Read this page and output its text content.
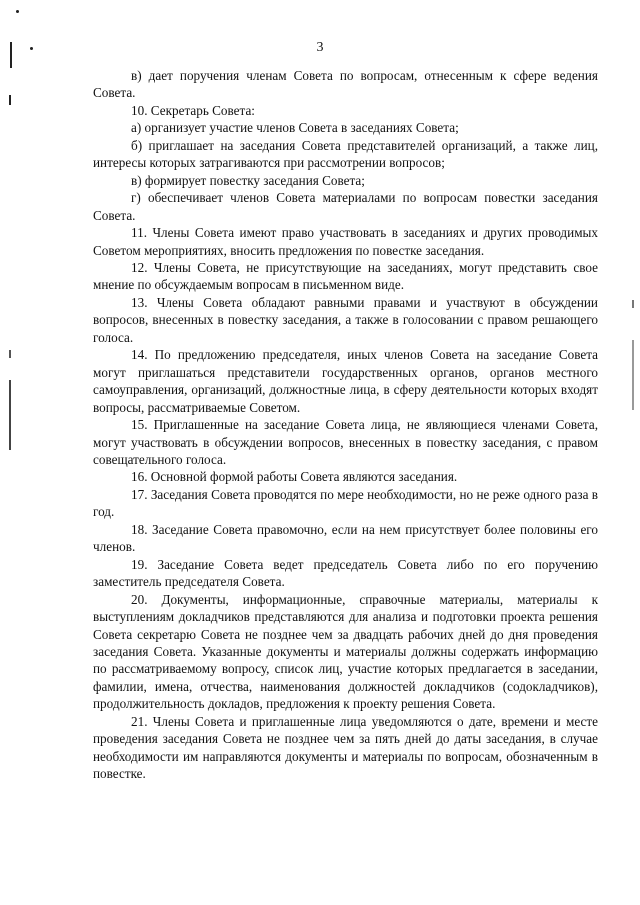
3

в) дает поручения членам Совета по вопросам, отнесенным к сфере ведения Совета.

10. Секретарь Совета:

а) организует участие членов Совета в заседаниях Совета;

б) приглашает на заседания Совета представителей организаций, а также лиц, интересы которых затрагиваются при рассмотрении вопросов;

в) формирует повестку заседания Совета;

г) обеспечивает членов Совета материалами по вопросам повестки заседания Совета.

11. Члены Совета имеют право участвовать в заседаниях и других проводимых Советом мероприятиях, вносить предложения по повестке заседания.

12. Члены Совета, не присутствующие на заседаниях, могут представить свое мнение по обсуждаемым вопросам в письменном виде.

13. Члены Совета обладают равными правами и участвуют в обсуждении вопросов, внесенных в повестку заседания, а также в голосовании с правом решающего голоса.

14. По предложению председателя, иных членов Совета на заседание Совета могут приглашаться представители государственных органов, органов местного самоуправления, организаций, должностные лица, в сферу деятельности которых входят вопросы, рассматриваемые Советом.

15. Приглашенные на заседание Совета лица, не являющиеся членами Совета, могут участвовать в обсуждении вопросов, внесенных в повестку заседания, с правом совещательного голоса.

16. Основной формой работы Совета являются заседания.

17. Заседания Совета проводятся по мере необходимости, но не реже одного раза в год.

18. Заседание Совета правомочно, если на нем присутствует более половины его членов.

19. Заседание Совета ведет председатель Совета либо по его поручению заместитель председателя Совета.

20. Документы, информационные, справочные материалы, материалы к выступлениям докладчиков представляются для анализа и подготовки проекта решения Совета секретарю Совета не позднее чем за двадцать рабочих дней до дня проведения заседания Совета. Указанные документы и материалы должны содержать информацию по рассматриваемому вопросу, список лиц, участие которых предлагается в заседании, фамилии, имена, отчества, наименования должностей докладчиков (содокладчиков), продолжительность докладов, предложения к проекту решения Совета.

21. Члены Совета и приглашенные лица уведомляются о дате, времени и месте проведения заседания Совета не позднее чем за пять дней до даты заседания, в случае необходимости им направляются документы и материалы по вопросам, обозначенным в повестке.
